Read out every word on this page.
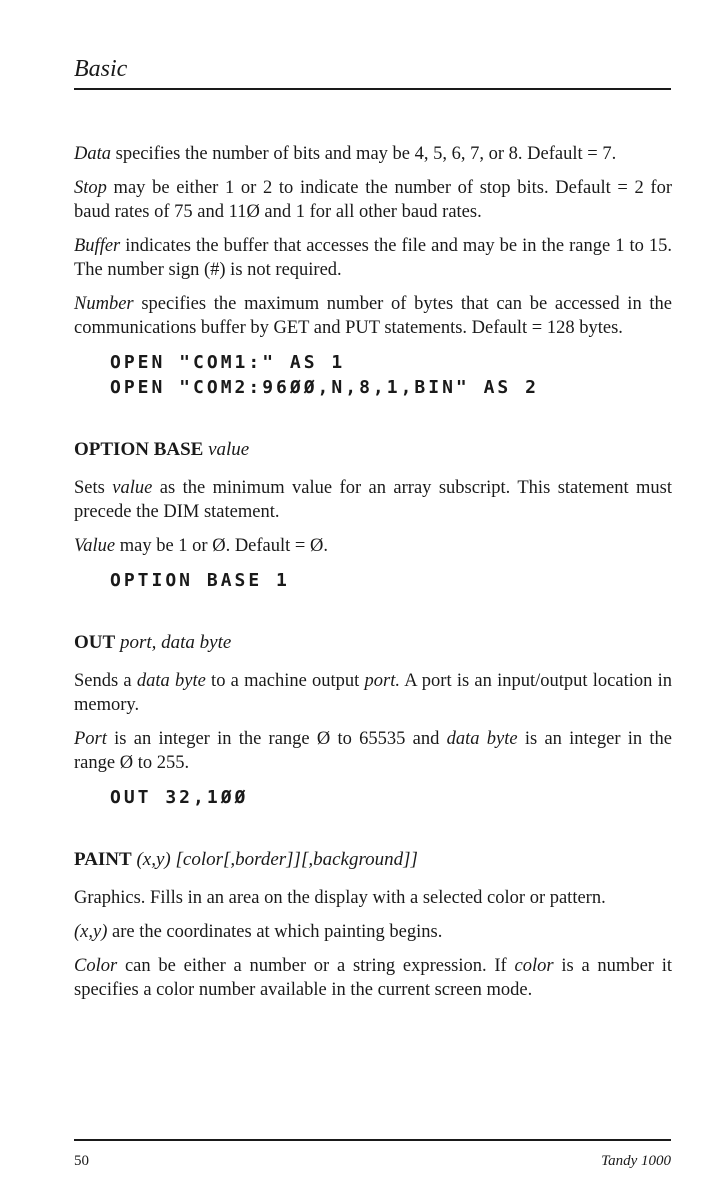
Basic

Data specifies the number of bits and may be 4, 5, 6, 7, or 8. Default = 7.

Stop may be either 1 or 2 to indicate the number of stop bits. Default = 2 for baud rates of 75 and 11Ø and 1 for all other baud rates.

Buffer indicates the buffer that accesses the file and may be in the range 1 to 15. The number sign (#) is not required.

Number specifies the maximum number of bytes that can be accessed in the communications buffer by GET and PUT statements. Default = 128 bytes.

OPEN "COM1:" AS 1
OPEN "COM2:96ØØ,N,8,1,BIN" AS 2
OPTION BASE value

Sets value as the minimum value for an array subscript. This statement must precede the DIM statement.

Value may be 1 or Ø. Default = Ø.

OPTION BASE 1
OUT port, data byte

Sends a data byte to a machine output port. A port is an input/output location in memory.

Port is an integer in the range Ø to 65535 and data byte is an integer in the range Ø to 255.

OUT 32,1ØØ
PAINT (x,y) [color[,border]][,background]]

Graphics. Fills in an area on the display with a selected color or pattern.

(x,y) are the coordinates at which painting begins.

Color can be either a number or a string expression. If color is a number it specifies a color number available in the current screen mode.

50	Tandy 1000
